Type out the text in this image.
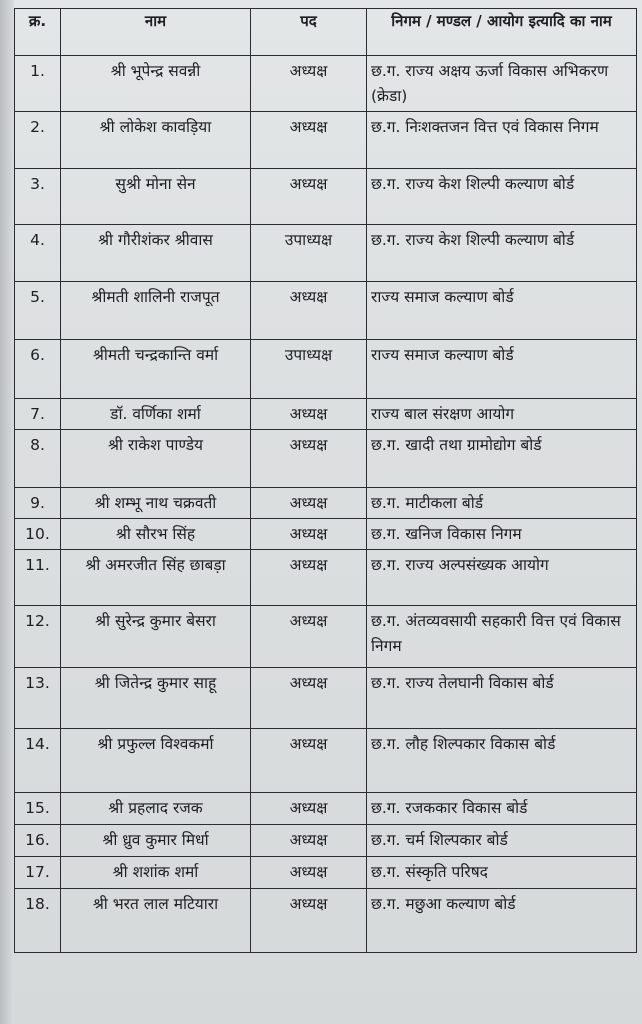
क्र.	नाम	पद	निगम / मण्डल / आयोग इत्यादि का नाम
1.	श्री भूपेन्द्र सवन्नी	अध्यक्ष	छ.ग. राज्य अक्षय ऊर्जा विकास अभिकरण (क्रेडा)
2.	श्री लोकेश कावड़िया	अध्यक्ष	छ.ग. निःशक्तजन वित्त एवं विकास निगम
3.	सुश्री मोना सेन	अध्यक्ष	छ.ग. राज्य केश शिल्पी कल्याण बोर्ड
4.	श्री गौरीशंकर श्रीवास	उपाध्यक्ष	छ.ग. राज्य केश शिल्पी कल्याण बोर्ड
5.	श्रीमती शालिनी राजपूत	अध्यक्ष	राज्य समाज कल्याण बोर्ड
6.	श्रीमती चन्द्रकान्ति वर्मा	उपाध्यक्ष	राज्य समाज कल्याण बोर्ड
7.	डॉ. वर्णिका शर्मा	अध्यक्ष	राज्य बाल संरक्षण आयोग
8.	श्री राकेश पाण्डेय	अध्यक्ष	छ.ग. खादी तथा ग्रामोद्योग बोर्ड
9.	श्री शम्भू नाथ चक्रवती	अध्यक्ष	छ.ग. माटीकला बोर्ड
10.	श्री सौरभ सिंह	अध्यक्ष	छ.ग. खनिज विकास निगम
11.	श्री अमरजीत सिंह छाबड़ा	अध्यक्ष	छ.ग. राज्य अल्पसंख्यक आयोग
12.	श्री सुरेन्द्र कुमार बेसरा	अध्यक्ष	छ.ग. अंतव्यवसायी सहकारी वित्त एवं विकास निगम
13.	श्री जितेन्द्र कुमार साहू	अध्यक्ष	छ.ग. राज्य तेलघानी विकास बोर्ड
14.	श्री प्रफुल्ल विश्वकर्मा	अध्यक्ष	छ.ग. लौह शिल्पकार विकास बोर्ड
15.	श्री प्रहलाद रजक	अध्यक्ष	छ.ग. रजककार विकास बोर्ड
16.	श्री ध्रुव कुमार मिर्धा	अध्यक्ष	छ.ग. चर्म शिल्पकार बोर्ड
17.	श्री शशांक शर्मा	अध्यक्ष	छ.ग. संस्कृति परिषद
18.	श्री भरत लाल मटियारा	अध्यक्ष	छ.ग. मछुआ कल्याण बोर्ड
